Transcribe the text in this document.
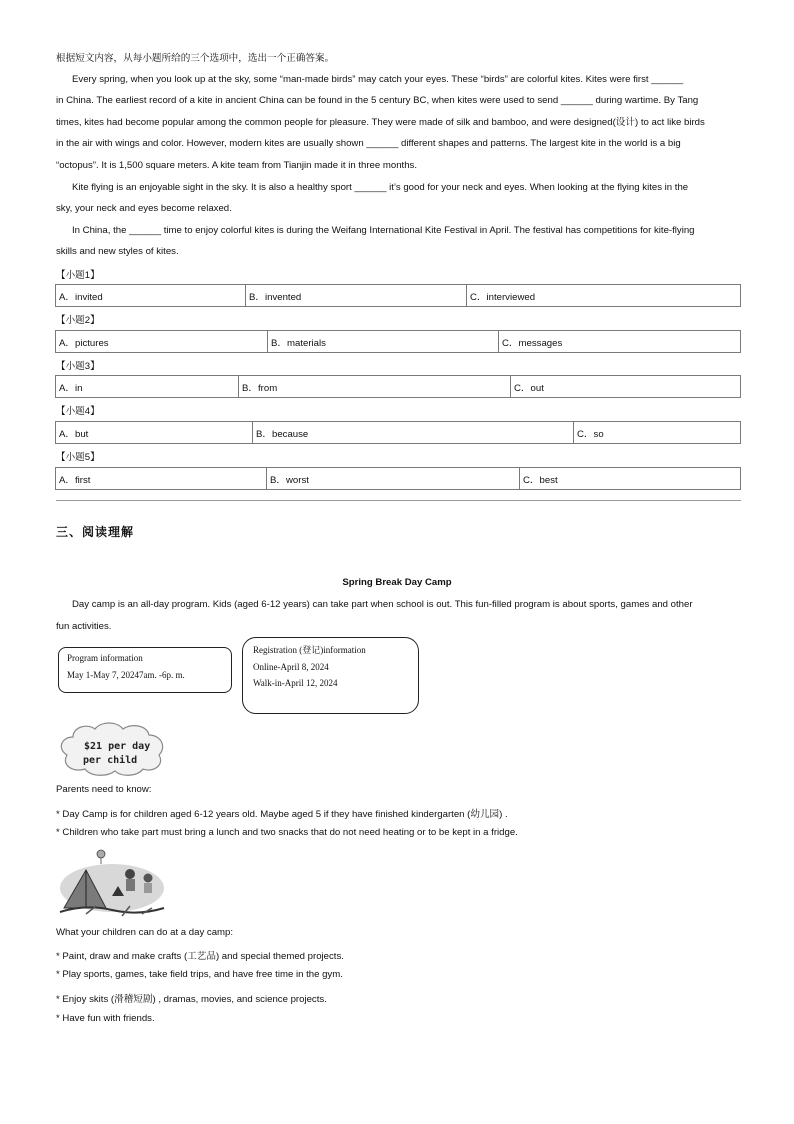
根据短文内容，从每小题所给的三个选项中，选出一个正确答案。
Every spring, when you look up at the sky, some “man-made birds” may catch your eyes. These “birds” are colorful kites. Kites were first ______
in China. The earliest record of a kite in ancient China can be found in the 5 century BC, when kites were used to send ______ during wartime. By Tang
times, kites had become popular among the common people for pleasure. They were made of silk and bamboo, and were designed(设计) to act like birds
in the air with wings and color. However, modern kites are usually shown ______ different shapes and patterns. The largest kite in the world is a big
“octopus”. It is 1,500 square meters. A kite team from Tianjin made it in three months.
Kite flying is an enjoyable sight in the sky. It is also a healthy sport ______ it’s good for your neck and eyes. When looking at the flying kites in the
sky, your neck and eyes become relaxed.
In China, the ______ time to enjoy colorful kites is during the Weifang International Kite Festival in April. The festival has competitions for kite-flying
skills and new styles of kites.
【小题1】
A．invited	B．invented	C．interviewed
【小题2】
A．pictures	B．materials	C．messages
【小题3】
A．in	B．from	C．out
【小题4】
A．but	B．because	C．so
【小题5】
A．first	B．worst	C．best
三、阅读理解
Spring Break Day Camp
Day camp is an all-day program. Kids (aged 6-12 years) can take part when school is out. This fun-filled program is about sports, games and other
fun activities.
Program information
May 1-May 7, 20247am. -6p. m.
Registration (登记)information
Online-April 8, 2024
Walk-in-April 12, 2024
$21 per day
per child
Parents need to know:
* Day Camp is for children aged 6-12 years old. Maybe aged 5 if they have finished kindergarten (幼儿园) .
* Children who take part must bring a lunch and two snacks that do not need heating or to be kept in a fridge.
What your children can do at a day camp:
* Paint, draw and make crafts (工艺品) and special themed projects.
* Play sports, games, take field trips, and have free time in the gym.
* Enjoy skits (滑稽短剧) , dramas, movies, and science projects.
* Have fun with friends.
